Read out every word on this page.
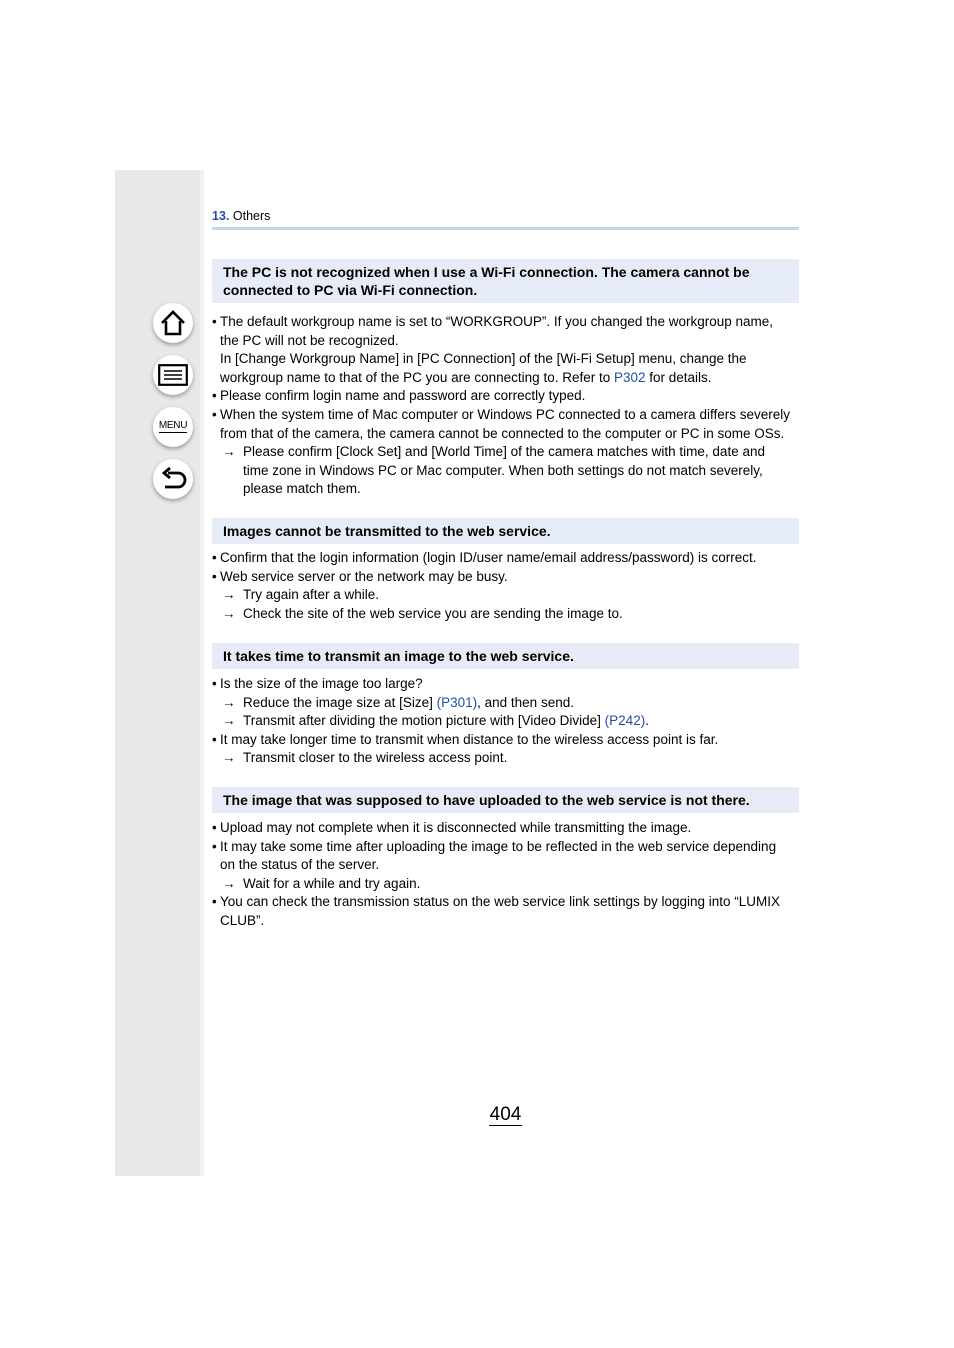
MENU
13. Others
The PC is not recognized when I use a Wi-Fi connection. The camera cannot be
connected to PC via Wi-Fi connection.
• The default workgroup name is set to “WORKGROUP”. If you changed the workgroup name,
the PC will not be recognized.
In [Change Workgroup Name] in [PC Connection] of the [Wi-Fi Setup] menu, change the
workgroup name to that of the PC you are connecting to. Refer to P302 for details.
• Please confirm login name and password are correctly typed.
• When the system time of Mac computer or Windows PC connected to a camera differs severely
from that of the camera, the camera cannot be connected to the computer or PC in some OSs.
→ Please confirm [Clock Set] and [World Time] of the camera matches with time, date and
time zone in Windows PC or Mac computer. When both settings do not match severely,
please match them.
Images cannot be transmitted to the web service.
• Confirm that the login information (login ID/user name/email address/password) is correct.
• Web service server or the network may be busy.
→ Try again after a while.
→ Check the site of the web service you are sending the image to.
It takes time to transmit an image to the web service.
• Is the size of the image too large?
→ Reduce the image size at [Size] (P301), and then send.
→ Transmit after dividing the motion picture with [Video Divide] (P242).
• It may take longer time to transmit when distance to the wireless access point is far.
→ Transmit closer to the wireless access point.
The image that was supposed to have uploaded to the web service is not there.
• Upload may not complete when it is disconnected while transmitting the image.
• It may take some time after uploading the image to be reflected in the web service depending
on the status of the server.
→ Wait for a while and try again.
• You can check the transmission status on the web service link settings by logging into “LUMIX
CLUB”.
404
